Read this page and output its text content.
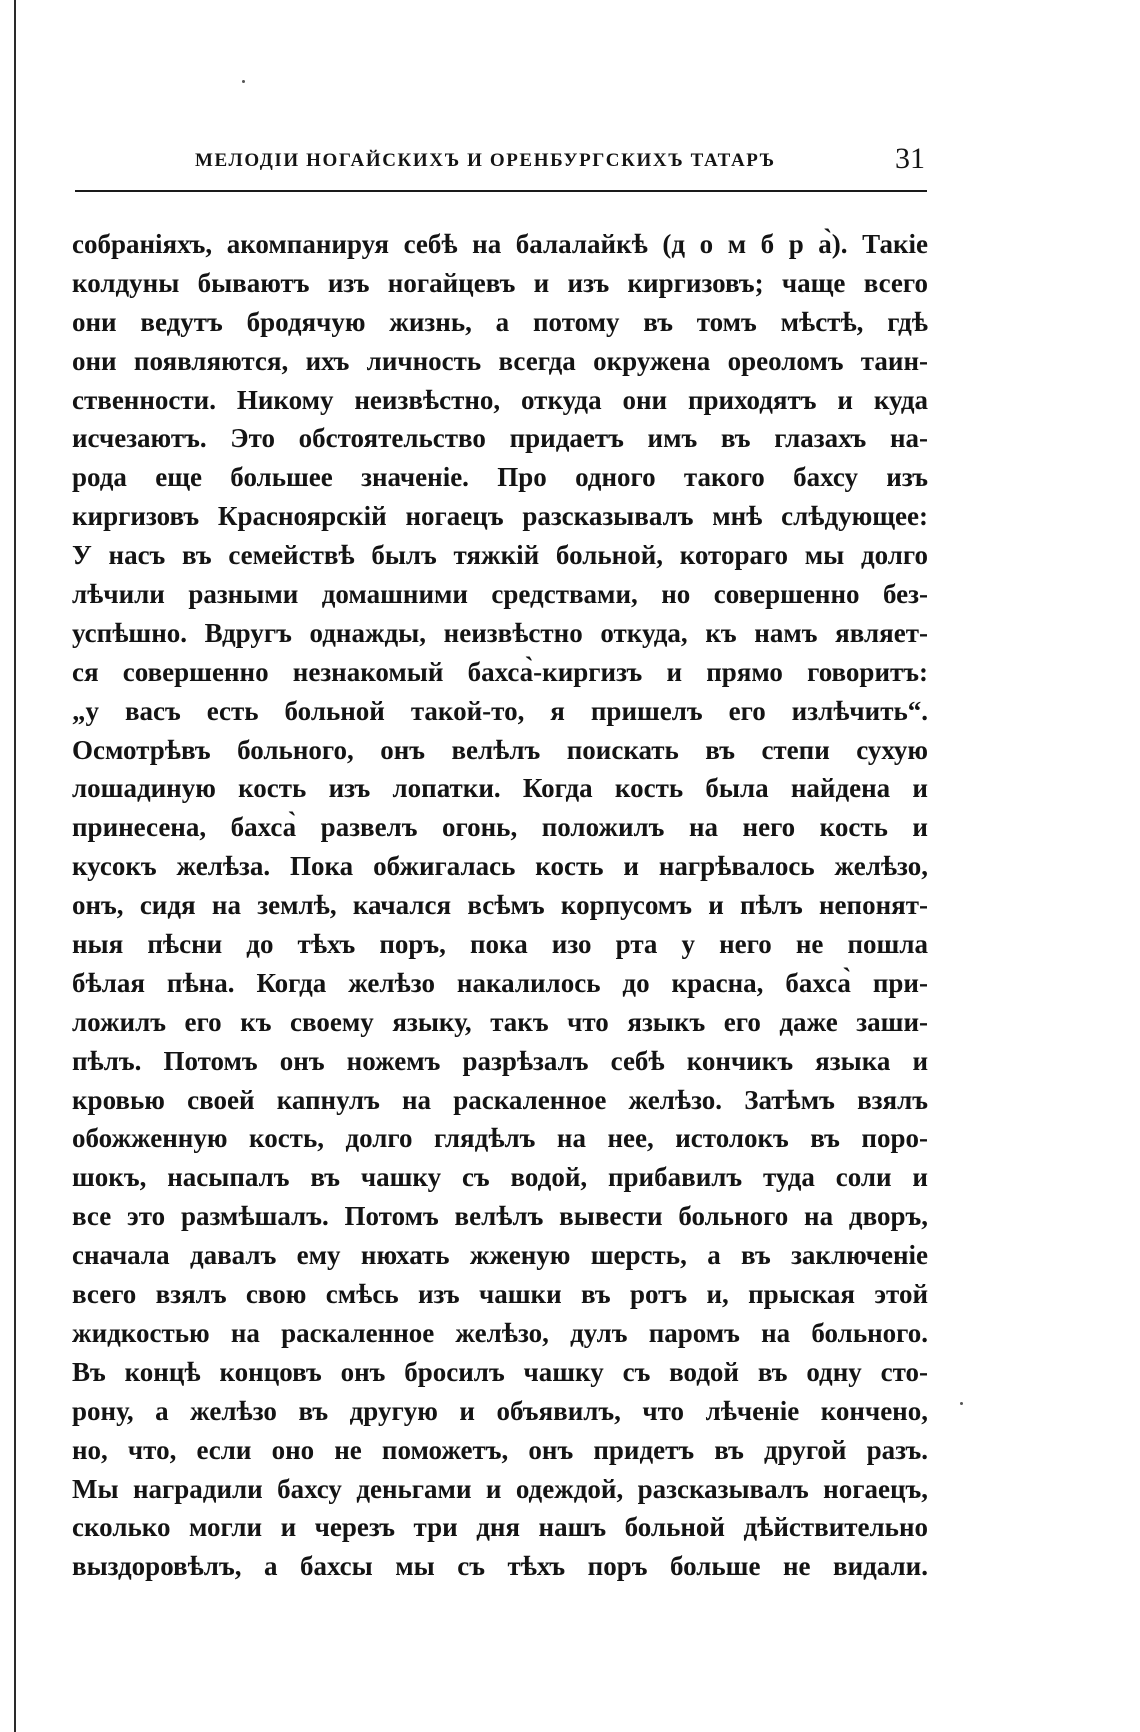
МЕЛОДІИ НОГАЙСКИХЪ И ОРЕНБУРГСКИХЪ ТАТАРЪ	31
собраніяхъ, акомпанируя себѣ на балалайкѣ (д о м б р а̀). Такіе
колдуны бываютъ изъ ногайцевъ и изъ киргизовъ; чаще всего
они ведутъ бродячую жизнь, а потому въ томъ мѣстѣ, гдѣ
они появляются, ихъ личность всегда окружена ореоломъ таин-
ственности. Никому неизвѣстно, откуда они приходятъ и куда
исчезаютъ. Это обстоятельство придаетъ имъ въ глазахъ на-
рода еще большее значеніе. Про одного такого бахсу изъ
киргизовъ Красноярскій ногаецъ разсказывалъ мнѣ слѣдующее:
У насъ въ семействѣ былъ тяжкій больной, котораго мы долго
лѣчили разными домашними средствами, но совершенно без-
успѣшно. Вдругъ однажды, неизвѣстно откуда, къ намъ являет-
ся совершенно незнакомый бахса̀-киргизъ и прямо говоритъ:
„у васъ есть больной такой-то, я пришелъ его излѣчить“.
Осмотрѣвъ больного, онъ велѣлъ поискать въ степи сухую
лошадиную кость изъ лопатки. Когда кость была найдена и
принесена, бахса̀ развелъ огонь, положилъ на него кость и
кусокъ желѣза. Пока обжигалась кость и нагрѣвалось желѣзо,
онъ, сидя на землѣ, качался всѣмъ корпусомъ и пѣлъ непонят-
ныя пѣсни до тѣхъ поръ, пока изо рта у него не пошла
бѣлая пѣна. Когда желѣзо накалилось до красна, бахса̀ при-
ложилъ его къ своему языку, такъ что языкъ его даже заши-
пѣлъ. Потомъ онъ ножемъ разрѣзалъ себѣ кончикъ языка и
кровью своей капнулъ на раскаленное желѣзо. Затѣмъ взялъ
обожженную кость, долго глядѣлъ на нее, истолокъ въ поро-
шокъ, насыпалъ въ чашку съ водой, прибавилъ туда соли и
все это размѣшалъ. Потомъ велѣлъ вывести больного на дворъ,
сначала давалъ ему нюхать жженую шерсть, а въ заключеніе
всего взялъ свою смѣсь изъ чашки въ ротъ и, прыская этой
жидкостью на раскаленное желѣзо, дулъ паромъ на больного.
Въ концѣ концовъ онъ бросилъ чашку съ водой въ одну сто-
рону, а желѣзо въ другую и объявилъ, что лѣченіе кончено,
но, что, если оно не поможетъ, онъ придетъ въ другой разъ.
Мы наградили бахсу деньгами и одеждой, разсказывалъ ногаецъ,
сколько могли и черезъ три дня нашъ больной дѣйствительно
выздоровѣлъ, а бахсы мы съ тѣхъ поръ больше не видали.
